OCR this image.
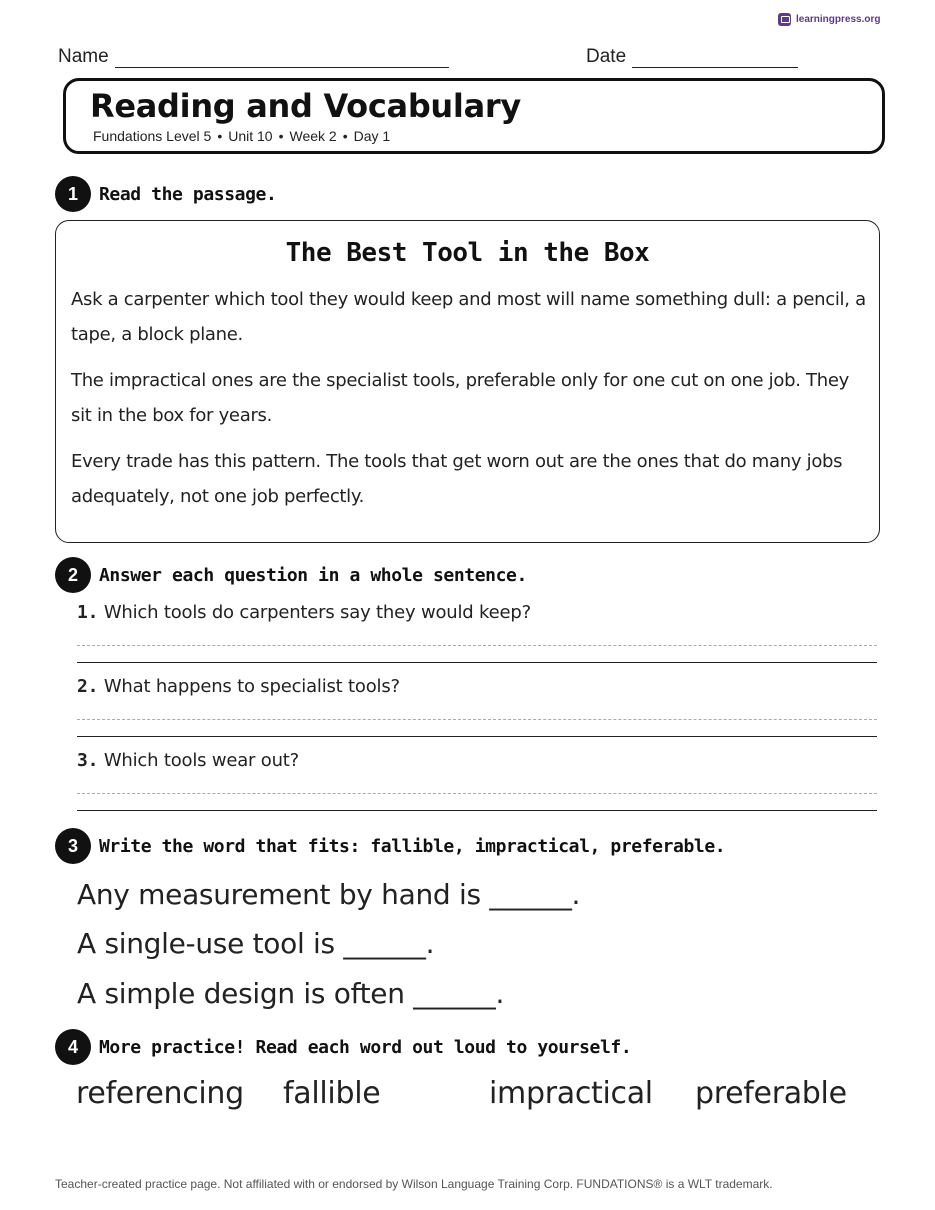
learningpress.org
Name	Date
Reading and Vocabulary
Fundations Level 5 • Unit 10 • Week 2 • Day 1
1	Read the passage.
The Best Tool in the Box
Ask a carpenter which tool they would keep and most will name something dull: a pencil, a tape, a block plane.
The impractical ones are the specialist tools, preferable only for one cut on one job. They sit in the box for years.
Every trade has this pattern. The tools that get worn out are the ones that do many jobs adequately, not one job perfectly.
2	Answer each question in a whole sentence.
1. Which tools do carpenters say they would keep?
2. What happens to specialist tools?
3. Which tools wear out?
3	Write the word that fits: fallible, impractical, preferable.
Any measurement by hand is ______.
A single-use tool is ______.
A simple design is often ______.
4	More practice! Read each word out loud to yourself.
referencing fallible	impractical preferable
Teacher-created practice page. Not affiliated with or endorsed by Wilson Language Training Corp. FUNDATIONS® is a WLT trademark.
